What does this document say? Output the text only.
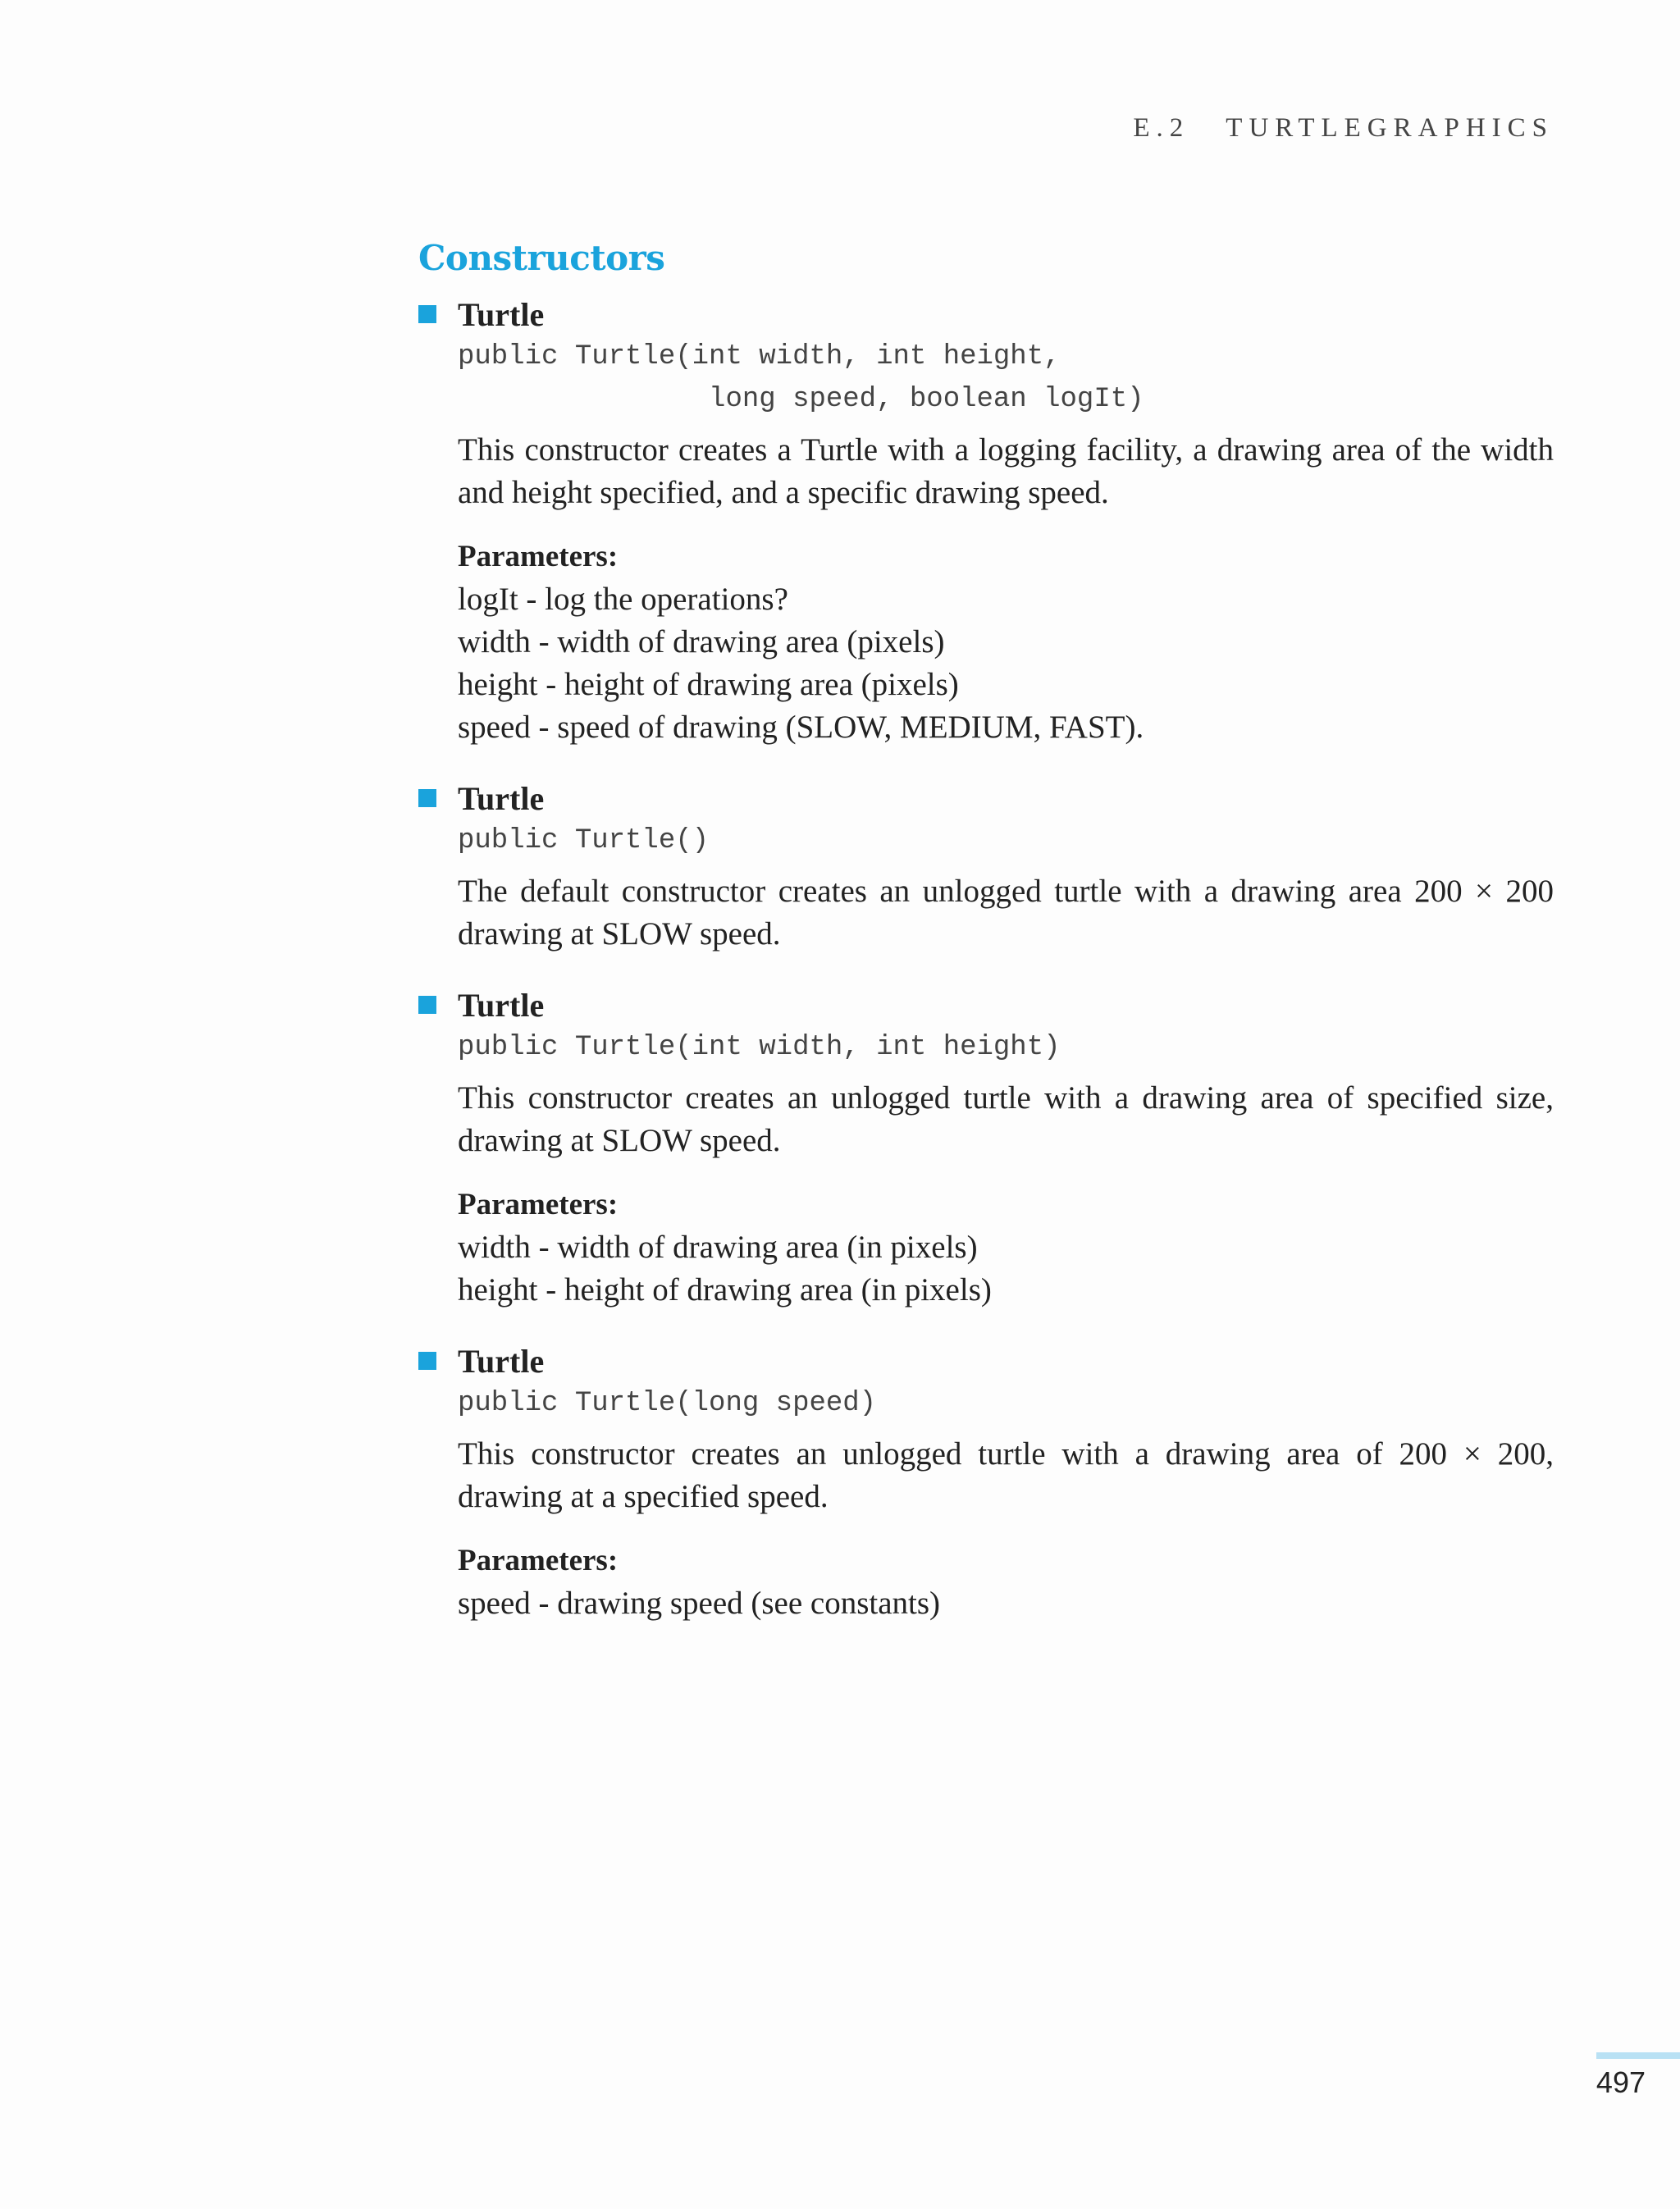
E.2 TURTLEGRAPHICS
Constructors
Turtle
public Turtle(int width, int height,
long speed, boolean logIt)

This constructor creates a Turtle with a logging facility, a drawing area of the width and height specified, and a specific drawing speed.

Parameters:
logIt - log the operations?
width - width of drawing area (pixels)
height - height of drawing area (pixels)
speed - speed of drawing (SLOW, MEDIUM, FAST).
Turtle
public Turtle()

The default constructor creates an unlogged turtle with a drawing area 200 × 200 drawing at SLOW speed.

Turtle
public Turtle(int width, int height)

This constructor creates an unlogged turtle with a drawing area of specified size, drawing at SLOW speed.

Parameters:
width - width of drawing area (in pixels)
height - height of drawing area (in pixels)
Turtle
public Turtle(long speed)

This constructor creates an unlogged turtle with a drawing area of 200 × 200, drawing at a specified speed.

Parameters:
speed - drawing speed (see constants)
497
